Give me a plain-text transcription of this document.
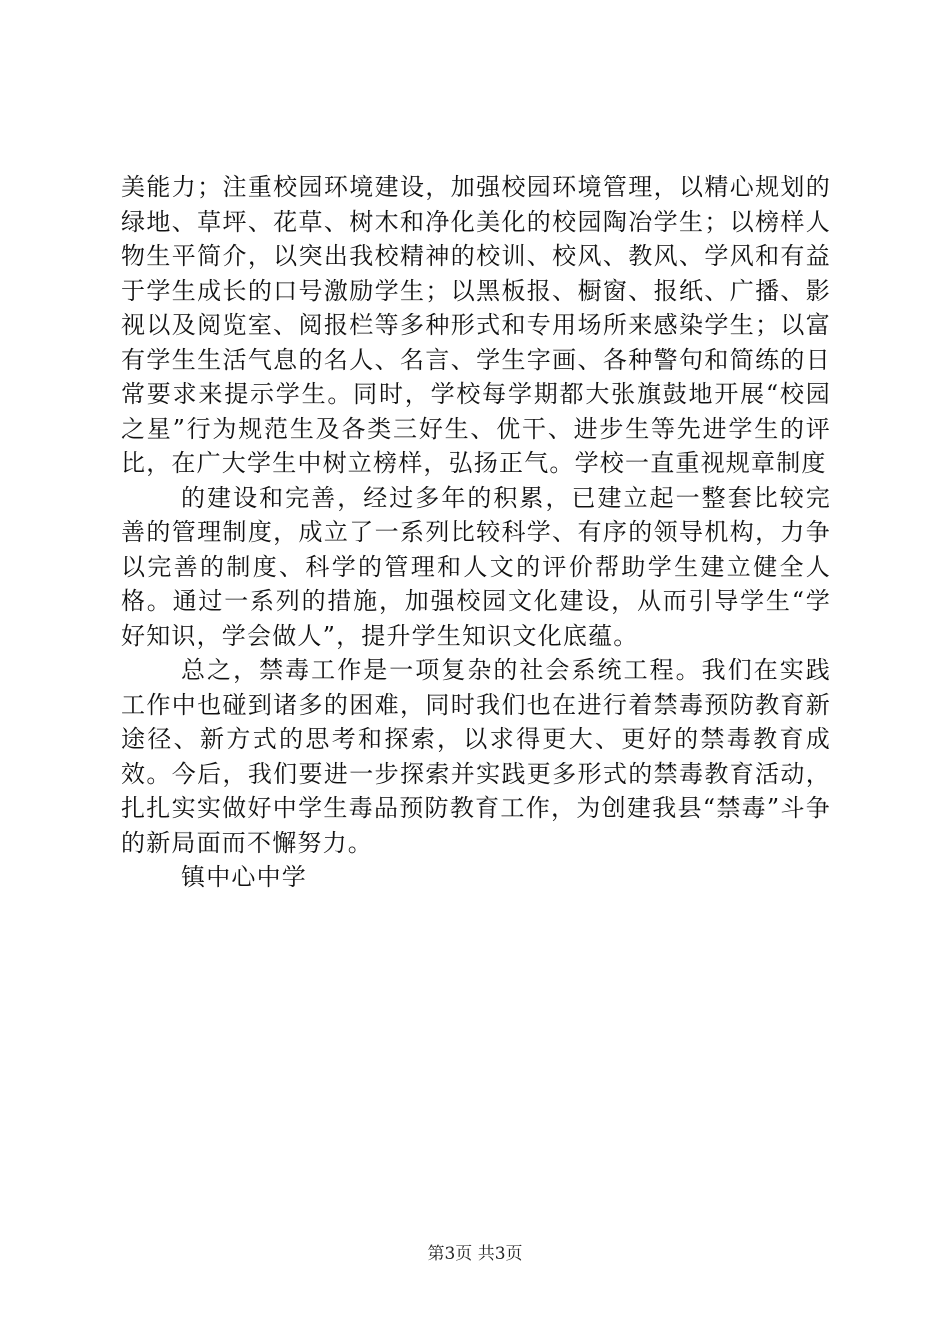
美能力；注重校园环境建设，加强校园环境管理，以精心规划的绿地、草坪、花草、树木和净化美化的校园陶冶学生；以榜样人物生平简介，以突出我校精神的校训、校风、教风、学风和有益于学生成长的口号激励学生；以黑板报、橱窗、报纸、广播、影视以及阅览室、阅报栏等多种形式和专用场所来感染学生；以富有学生生活气息的名人、名言、学生字画、各种警句和简练的日常要求来提示学生。同时，学校每学期都大张旗鼓地开展“校园之星”行为规范生及各类三好生、优干、进步生等先进学生的评比，在广大学生中树立榜样，弘扬正气。学校一直重视规章制度

的建设和完善，经过多年的积累，已建立起一整套比较完善的管理制度，成立了一系列比较科学、有序的领导机构，力争以完善的制度、科学的管理和人文的评价帮助学生建立健全人格。通过一系列的措施，加强校园文化建设，从而引导学生“学好知识，学会做人”，提升学生知识文化底蕴。

总之，禁毒工作是一项复杂的社会系统工程。我们在实践工作中也碰到诸多的困难，同时我们也在进行着禁毒预防教育新途径、新方式的思考和探索，以求得更大、更好的禁毒教育成效。今后，我们要进一步探索并实践更多形式的禁毒教育活动，扎扎实实做好中学生毒品预防教育工作，为创建我县“禁毒”斗争的新局面而不懈努力。

镇中心中学

第3页 共3页
